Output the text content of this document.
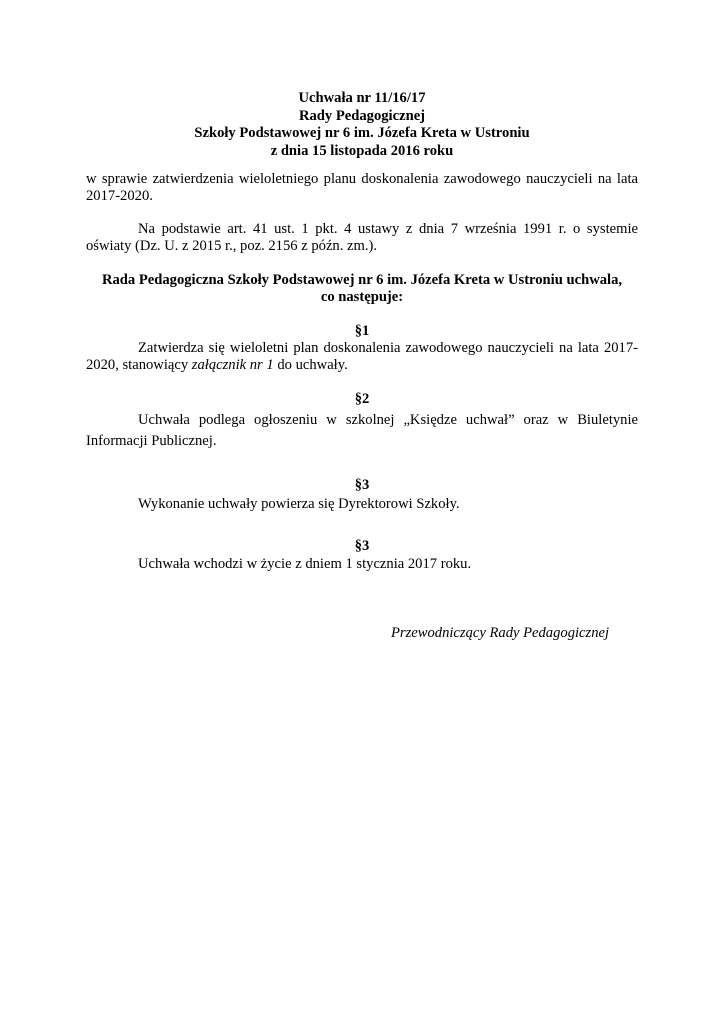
Uchwała nr 11/16/17
Rady Pedagogicznej
Szkoły Podstawowej nr 6 im. Józefa Kreta w Ustroniu
z dnia 15 listopada 2016 roku
w sprawie zatwierdzenia wieloletniego planu doskonalenia zawodowego nauczycieli na lata 2017-2020.
Na podstawie art. 41 ust. 1 pkt. 4 ustawy z dnia 7 września 1991 r. o systemie oświaty (Dz. U. z 2015 r., poz. 2156 z późn. zm.).
Rada Pedagogiczna Szkoły Podstawowej nr 6 im. Józefa Kreta w Ustroniu uchwala,
co następuje:
§1
Zatwierdza się wieloletni plan doskonalenia zawodowego nauczycieli na lata 2017-2020, stanowiący załącznik nr 1 do uchwały.
§2
Uchwała podlega ogłoszeniu w szkolnej „Księdze uchwał” oraz w Biuletynie Informacji Publicznej.
§3
Wykonanie uchwały powierza się Dyrektorowi Szkoły.
§3
Uchwała wchodzi w życie z dniem 1 stycznia 2017 roku.
Przewodniczący Rady Pedagogicznej
